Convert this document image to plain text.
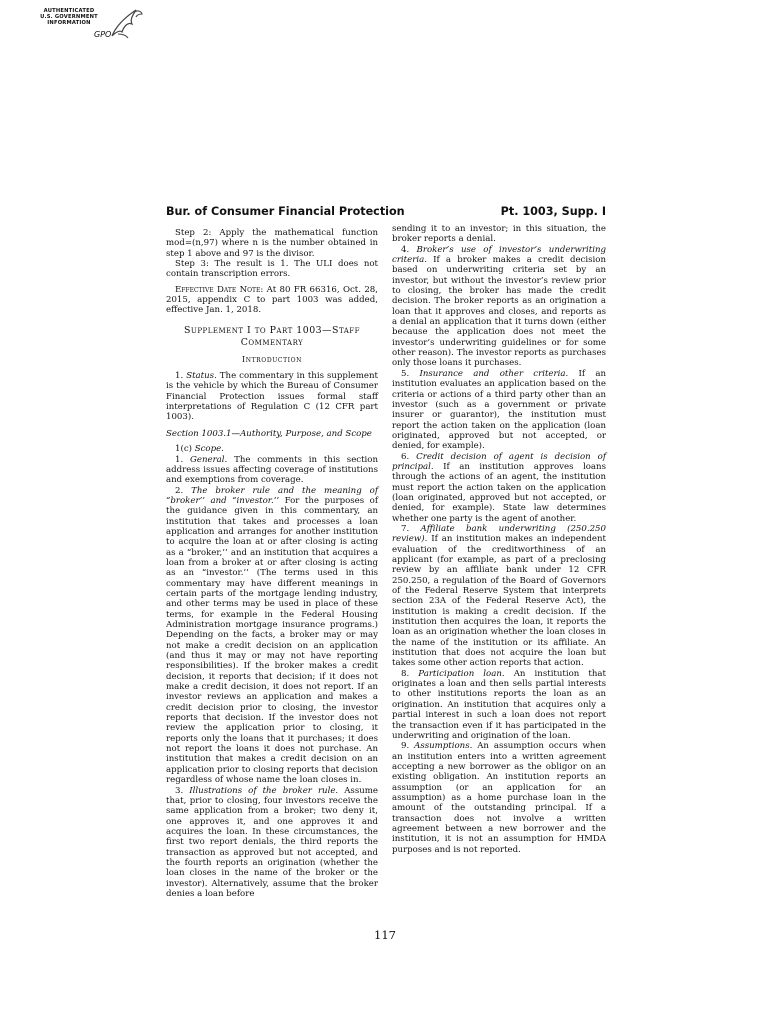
AUTHENTICATED
U.S. GOVERNMENT
INFORMATION
GPO
Bur. of Consumer Financial Protection	Pt. 1003, Supp. I

Step 2: Apply the mathematical function mod=(n,97) where n is the number obtained in step 1 above and 97 is the divisor.

Step 3: The result is 1. The ULI does not contain transcription errors.

Effective Date Note: At 80 FR 66316, Oct. 28, 2015, appendix C to part 1003 was added, effective Jan. 1, 2018.

Supplement I to Part 1003—Staff Commentary
Introduction

1. Status. The commentary in this supplement is the vehicle by which the Bureau of Consumer Financial Protection issues formal staff interpretations of Regulation C (12 CFR part 1003).

Section 1003.1—Authority, Purpose, and Scope

1(c) Scope.

1. General. The comments in this section address issues affecting coverage of institutions and exemptions from coverage.

2. The broker rule and the meaning of “broker’’ and “investor.’’ For the purposes of the guidance given in this commentary, an institution that takes and processes a loan application and arranges for another institution to acquire the loan at or after closing is acting as a “broker,’’ and an institution that acquires a loan from a broker at or after closing is acting as an “investor.’’ (The terms used in this commentary may have different meanings in certain parts of the mortgage lending industry, and other terms may be used in place of these terms, for example in the Federal Housing Administration mortgage insurance programs.) Depending on the facts, a broker may or may not make a credit decision on an application (and thus it may or may not have reporting responsibilities). If the broker makes a credit decision, it reports that decision; if it does not make a credit decision, it does not report. If an investor reviews an application and makes a credit decision prior to closing, the investor reports that decision. If the investor does not review the application prior to closing, it reports only the loans that it purchases; it does not report the loans it does not purchase. An institution that makes a credit decision on an application prior to closing reports that decision regardless of whose name the loan closes in.

3. Illustrations of the broker rule. Assume that, prior to closing, four investors receive the same application from a broker; two deny it, one approves it, and one approves it and acquires the loan. In these circumstances, the first two report denials, the third reports the transaction as approved but not accepted, and the fourth reports an origination (whether the loan closes in the name of the broker or the investor). Alternatively, assume that the broker denies a loan before

sending it to an investor; in this situation, the broker reports a denial.

4. Broker’s use of investor’s underwriting criteria. If a broker makes a credit decision based on underwriting criteria set by an investor, but without the investor’s review prior to closing, the broker has made the credit decision. The broker reports as an origination a loan that it approves and closes, and reports as a denial an application that it turns down (either because the application does not meet the investor’s underwriting guidelines or for some other reason). The investor reports as purchases only those loans it purchases.

5. Insurance and other criteria. If an institution evaluates an application based on the criteria or actions of a third party other than an investor (such as a government or private insurer or guarantor), the institution must report the action taken on the application (loan originated, approved but not accepted, or denied, for example).

6. Credit decision of agent is decision of principal. If an institution approves loans through the actions of an agent, the institution must report the action taken on the application (loan originated, approved but not accepted, or denied, for example). State law determines whether one party is the agent of another.

7. Affiliate bank underwriting (250.250 review). If an institution makes an independent evaluation of the creditworthiness of an applicant (for example, as part of a preclosing review by an affiliate bank under 12 CFR 250.250, a regulation of the Board of Governors of the Federal Reserve System that interprets section 23A of the Federal Reserve Act), the institution is making a credit decision. If the institution then acquires the loan, it reports the loan as an origination whether the loan closes in the name of the institution or its affiliate. An institution that does not acquire the loan but takes some other action reports that action.

8. Participation loan. An institution that originates a loan and then sells partial interests to other institutions reports the loan as an origination. An institution that acquires only a partial interest in such a loan does not report the transaction even if it has participated in the underwriting and origination of the loan.

9. Assumptions. An assumption occurs when an institution enters into a written agreement accepting a new borrower as the obligor on an existing obligation. An institution reports an assumption (or an application for an assumption) as a home purchase loan in the amount of the outstanding principal. If a transaction does not involve a written agreement between a new borrower and the institution, it is not an assumption for HMDA purposes and is not reported.

117
